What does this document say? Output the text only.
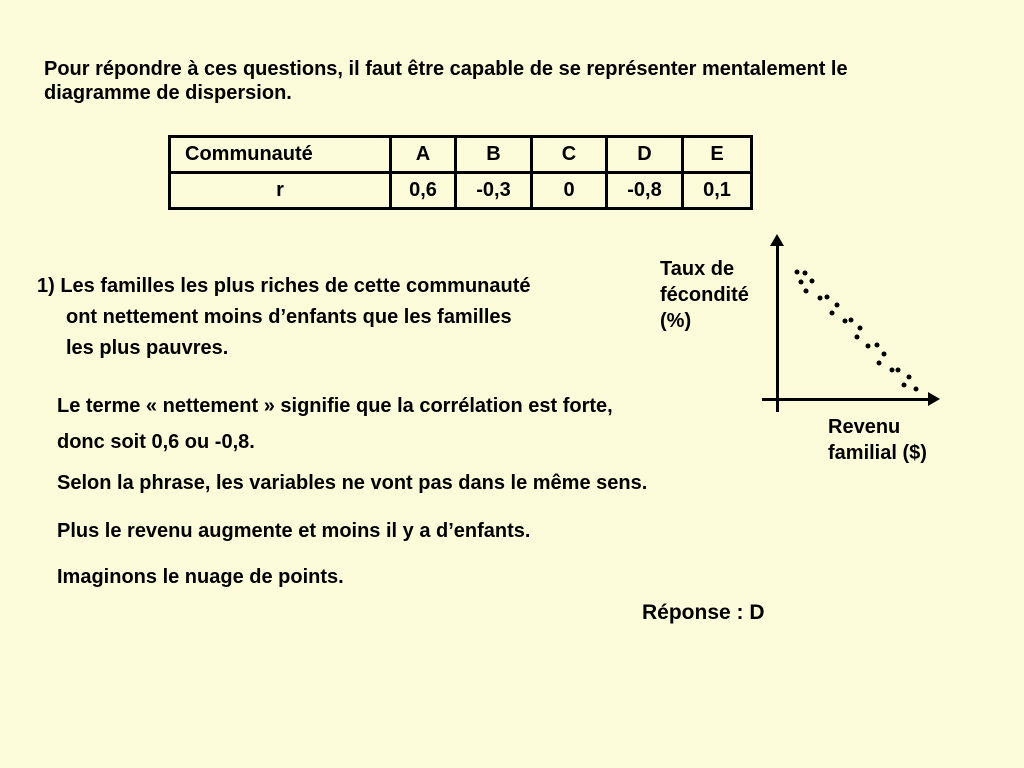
Pour répondre à ces questions, il faut être capable de se représenter mentalement le
diagramme de dispersion.
Communauté	A	B	C	D	E
r	0,6	-0,3	0	-0,8	0,1
1) Les familles les plus riches de cette communauté
ont nettement moins d’enfants que les familles
les plus pauvres.
Taux de
fécondité
(%)
Revenu
familial ($)
Le terme « nettement » signifie que la corrélation est forte,
donc soit 0,6 ou -0,8.
Selon la phrase, les variables ne vont pas dans le même sens.
Plus le revenu augmente et moins il y a d’enfants.
Imaginons le nuage de points.
Réponse : D
